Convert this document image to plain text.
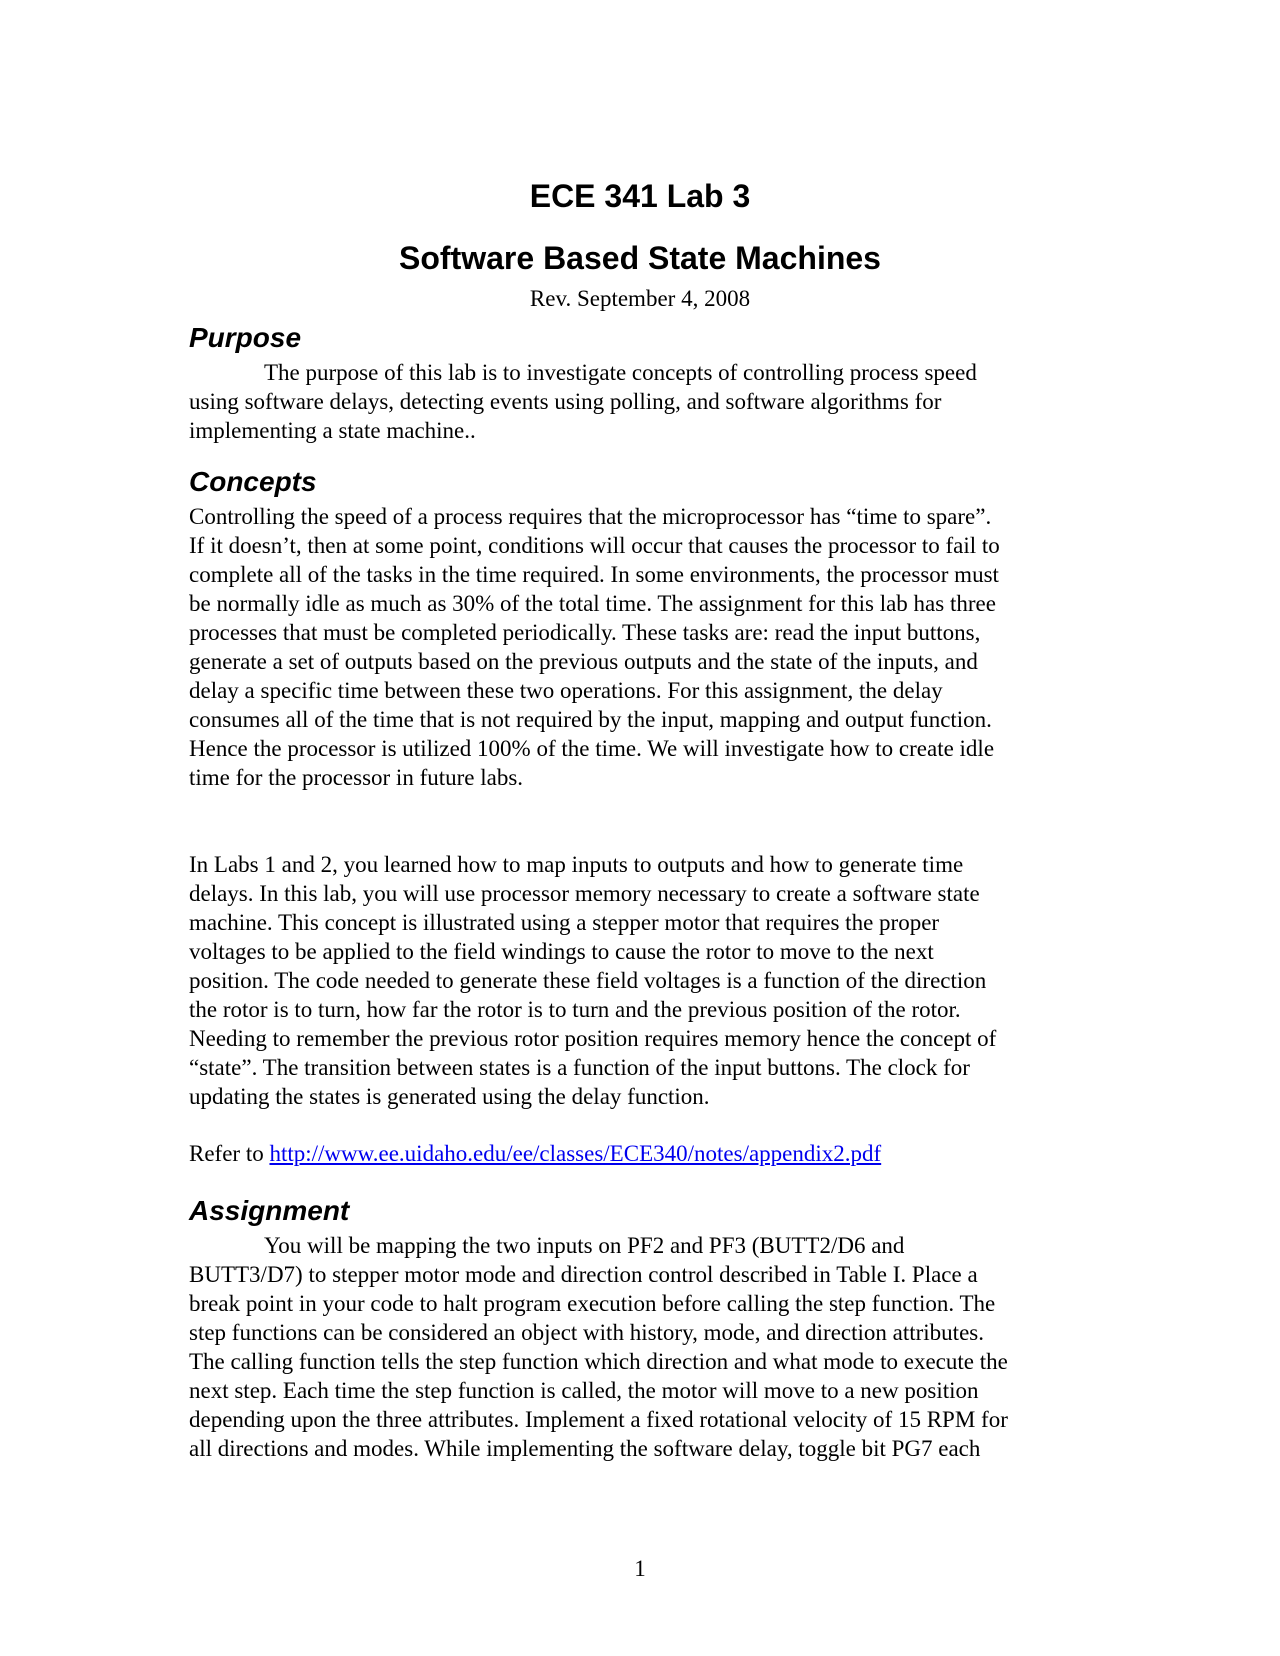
ECE 341 Lab 3
Software Based State Machines

Rev. September 4, 2008

Purpose

The purpose of this lab is to investigate concepts of controlling process speed
using software delays, detecting events using polling, and software algorithms for
implementing a state machine..

Concepts

Controlling the speed of a process requires that the microprocessor has “time to spare”.
If it doesn’t, then at some point, conditions will occur that causes the processor to fail to
complete all of the tasks in the time required. In some environments, the processor must
be normally idle as much as 30% of the total time. The assignment for this lab has three
processes that must be completed periodically. These tasks are: read the input buttons,
generate a set of outputs based on the previous outputs and the state of the inputs, and
delay a specific time between these two operations. For this assignment, the delay
consumes all of the time that is not required by the input, mapping and output function.
Hence the processor is utilized 100% of the time. We will investigate how to create idle
time for the processor in future labs.

In Labs 1 and 2, you learned how to map inputs to outputs and how to generate time
delays. In this lab, you will use processor memory necessary to create a software state
machine. This concept is illustrated using a stepper motor that requires the proper
voltages to be applied to the field windings to cause the rotor to move to the next
position. The code needed to generate these field voltages is a function of the direction
the rotor is to turn, how far the rotor is to turn and the previous position of the rotor.
Needing to remember the previous rotor position requires memory hence the concept of
“state”. The transition between states is a function of the input buttons. The clock for
updating the states is generated using the delay function.

Refer to http://www.ee.uidaho.edu/ee/classes/ECE340/notes/appendix2.pdf

Assignment

You will be mapping the two inputs on PF2 and PF3 (BUTT2/D6 and
BUTT3/D7) to stepper motor mode and direction control described in Table I. Place a
break point in your code to halt program execution before calling the step function. The
step functions can be considered an object with history, mode, and direction attributes.
The calling function tells the step function which direction and what mode to execute the
next step. Each time the step function is called, the motor will move to a new position
depending upon the three attributes. Implement a fixed rotational velocity of 15 RPM for
all directions and modes. While implementing the software delay, toggle bit PG7 each

1
